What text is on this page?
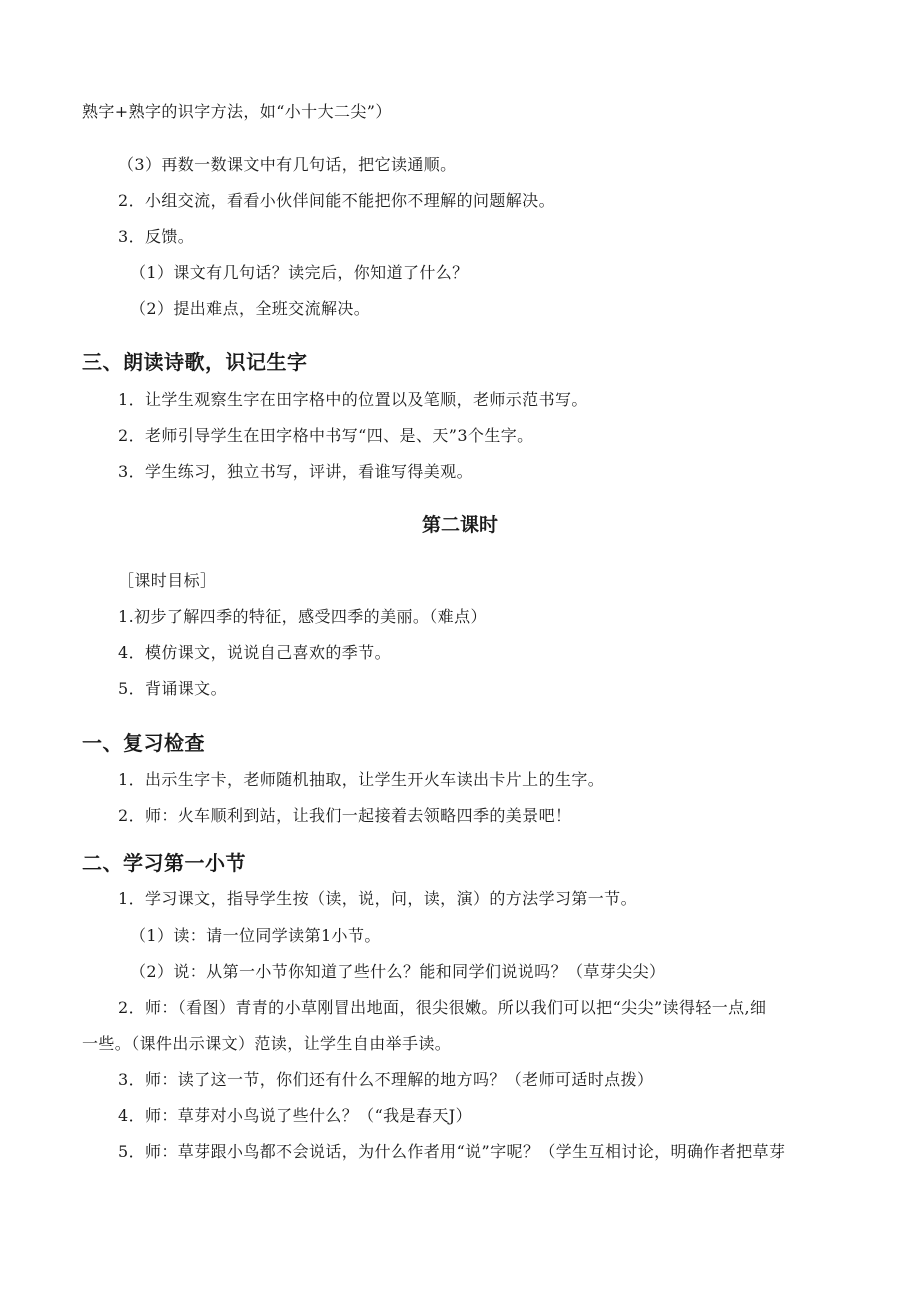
熟字+熟字的识字方法，如“小十大二尖”）
（3）再数一数课文中有几句话，把它读通顺。
2．小组交流，看看小伙伴间能不能把你不理解的问题解决。
3．反馈。
（1）课文有几句话？读完后，你知道了什么？
（2）提出难点，全班交流解决。
三、朗读诗歌，识记生字
1．让学生观察生字在田字格中的位置以及笔顺，老师示范书写。
2．老师引导学生在田字格中书写“四、是、天”3个生字。
3．学生练习，独立书写，评讲，看谁写得美观。
第二课时
［课时目标］
1.初步了解四季的特征，感受四季的美丽。（难点）
4．模仿课文，说说自己喜欢的季节。
5．背诵课文。
一、复习检查
1．出示生字卡，老师随机抽取，让学生开火车读出卡片上的生字。
2．师：火车顺利到站，让我们一起接着去领略四季的美景吧！
二、学习第一小节
1．学习课文，指导学生按（读，说，问，读，演）的方法学习第一节。
（1）读：请一位同学读第1小节。
（2）说：从第一小节你知道了些什么？能和同学们说说吗？（草芽尖尖）
2．师：（看图）青青的小草刚冒出地面，很尖很嫩。所以我们可以把“尖尖”读得轻一点,细
一些。（课件出示课文）范读，让学生自由举手读。
3．师：读了这一节，你们还有什么不理解的地方吗？（老师可适时点拨）
4．师：草芽对小鸟说了些什么？（“我是春天J）
5．师：草芽跟小鸟都不会说话，为什么作者用“说”字呢？（学生互相讨论，明确作者把草芽
